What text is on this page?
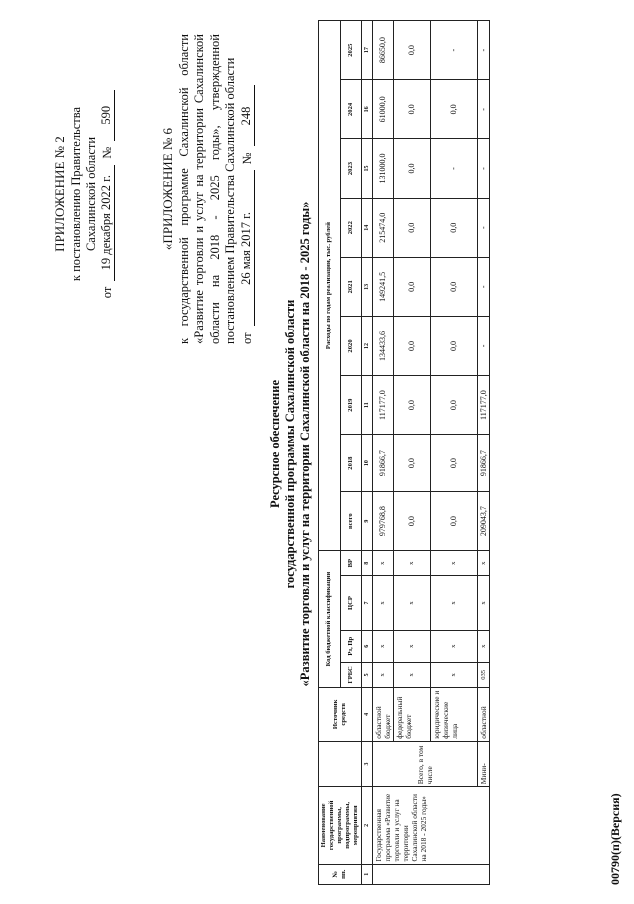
ПРИЛОЖЕНИЕ № 2 к постановлению Правительства Сахалинской области
от
19 декабря 2022 г.
№
590
«ПРИЛОЖЕНИЕ № 6 к государственной программе Сахалинской области «Развитие торговли и услуг на территории Сахалинской области на 2018 - 2025 годы», утвержденной постановлением Правительства Сахалинской области от
26 мая 2017 г.
№
248
Ресурсное обеспечение государственной программы Сахалинской области «Развитие торговли и услуг на территории Сахалинской области на 2018 - 2025 годы»
№ пп.	Наименование государственной программы, подпрограммы, мероприятия		Источник средств	Код бюджетной классификации				Расходы по годам реализации, тыс. рублей								
				ГРБС	Рз, Пр	ЦСР	ВР	всего	2018	2019	2020	2021	2022	2023	2024	2025
1	2	3	4	5	6	7	8	9	10	11	12	13	14	15	16	17
	Государственная программа «Развитие торговли и услуг на территории Сахалинской области на 2018 - 2025 годы»	Всего, в том числе	областной бюджет	х	х	х	х	979768,8	91866,7	117177,0	134433,6	149241,5	215474,0	131000,0	61000,0	86650,0
			федеральный бюджет	х	х	х	х	0,0	0,0	0,0	0,0	0,0	0,0	0,0	0,0	0,0
			юридические и физические лица	х	х	х	х	0,0	0,0	0,0	0,0	0,0	0,0	-	0,0	-
		Мини-	областной	035	х	х	х	209043,7	91866,7	117177,0	-	-	-	-	-	-
00790(п)(Версия)
